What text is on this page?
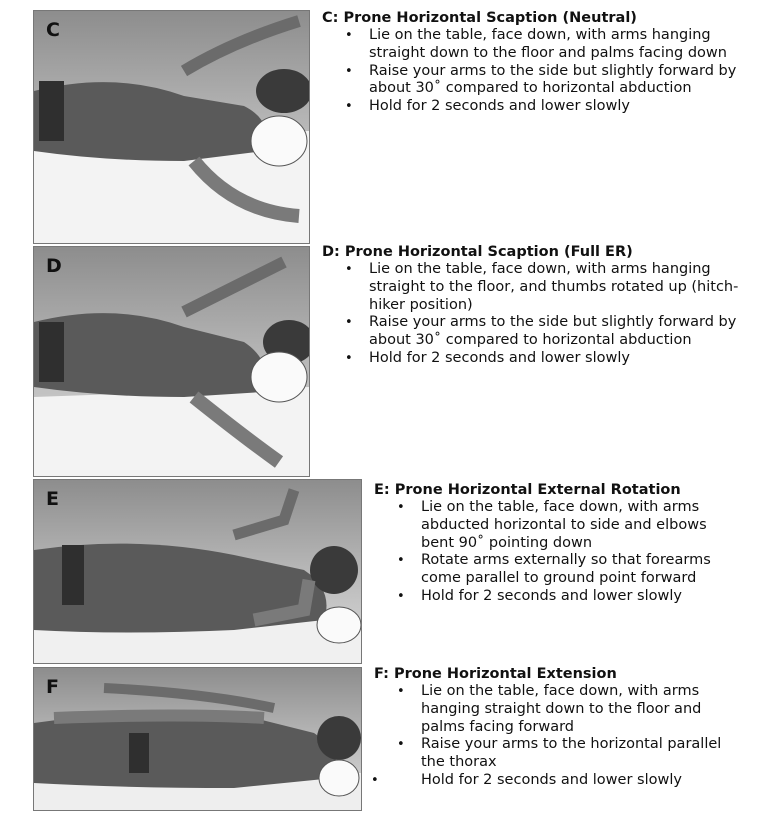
C
D
E
F

C: Prone Horizontal Scaption (Neutral)

• Lie on the table, face down, with arms hanging straight down to the floor and palms facing down
• Raise your arms to the side but slightly forward by about 30˚ compared to horizontal abduction
• Hold for 2 seconds and lower slowly

D: Prone Horizontal Scaption (Full ER)

• Lie on the table, face down, with arms hanging straight to the floor, and thumbs rotated up (hitch-hiker position)
• Raise your arms to the side but slightly forward by about 30˚ compared to horizontal abduction
• Hold for 2 seconds and lower slowly

E: Prone Horizontal External Rotation

• Lie on the table, face down, with arms abducted horizontal to side and elbows bent 90˚ pointing down
• Rotate arms externally so that forearms come parallel to ground point forward
• Hold for 2 seconds and lower slowly

F: Prone Horizontal Extension

• Lie on the table, face down, with arms hanging straight down to the floor and palms facing forward
• Raise your arms to the horizontal parallel the thorax
• Hold for 2 seconds and lower slowly
